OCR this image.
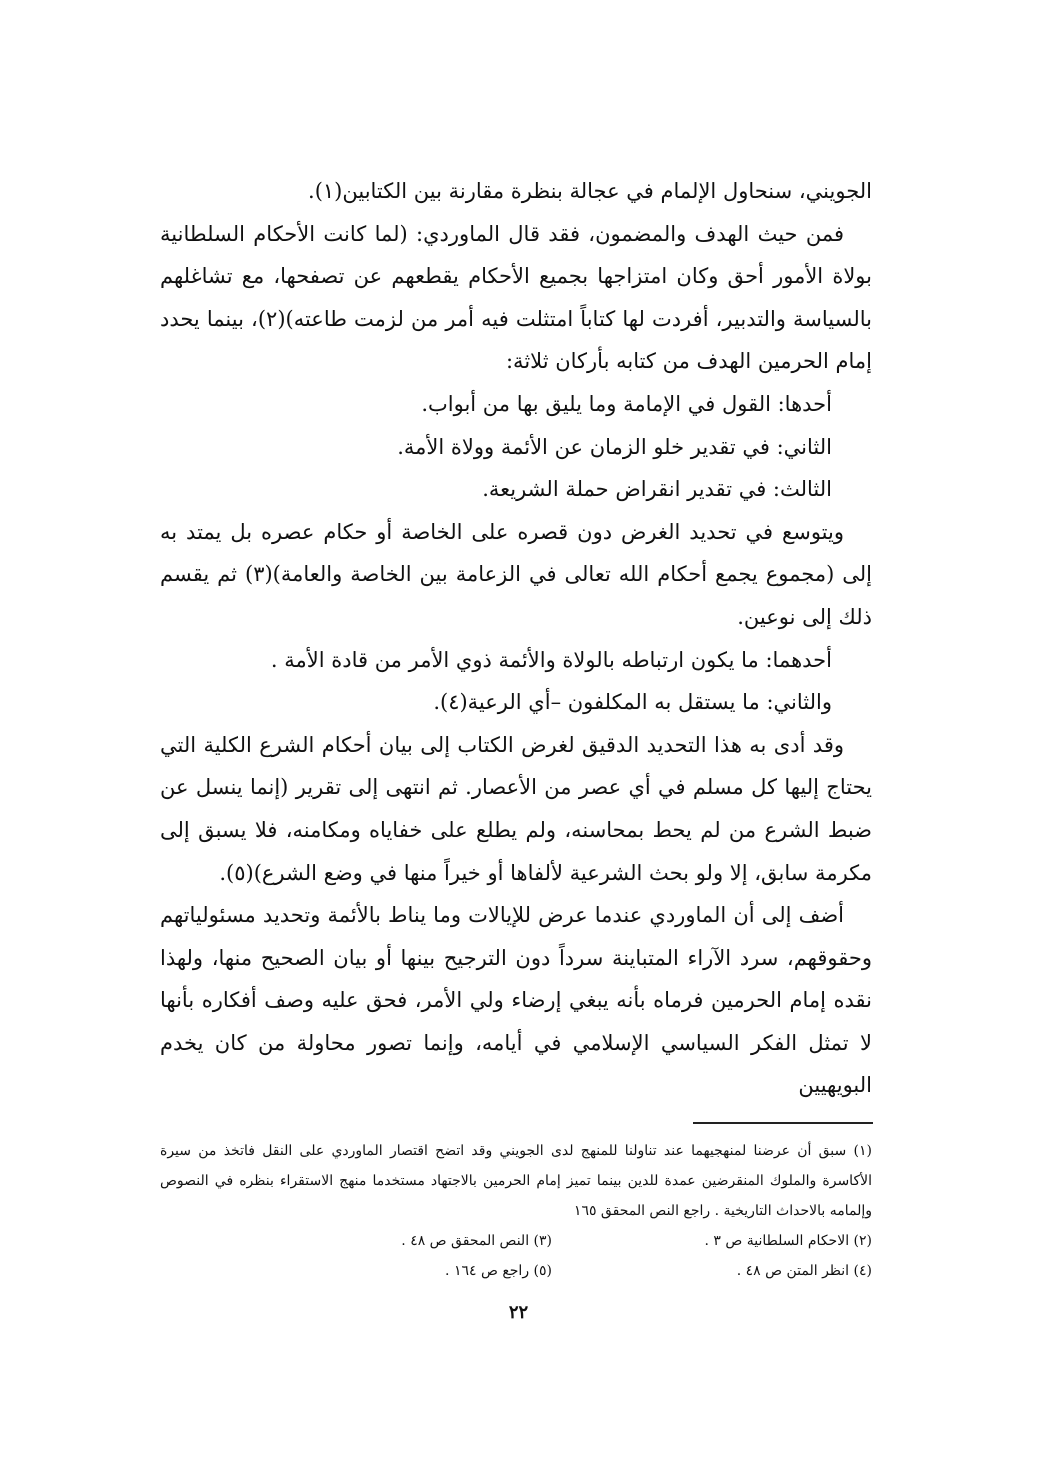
الجويني، سنحاول الإلمام في عجالة بنظرة مقارنة بين الكتابين(١).

فمن حيث الهدف والمضمون، فقد قال الماوردي: (لما كانت الأحكام السلطانية بولاة الأمور أحق وكان امتزاجها بجميع الأحكام يقطعهم عن تصفحها، مع تشاغلهم بالسياسة والتدبير، أفردت لها كتاباً امتثلت فيه أمر من لزمت طاعته)(٢)، بينما يحدد إمام الحرمين الهدف من كتابه بأركان ثلاثة:

أحدها: القول في الإمامة وما يليق بها من أبواب.

الثاني: في تقدير خلو الزمان عن الأئمة وولاة الأمة.

الثالث: في تقدير انقراض حملة الشريعة.

ويتوسع في تحديد الغرض دون قصره على الخاصة أو حكام عصره بل يمتد به إلى (مجموع يجمع أحكام الله تعالى في الزعامة بين الخاصة والعامة)(٣) ثم يقسم ذلك إلى نوعين.

أحدهما: ما يكون ارتباطه بالولاة والأئمة ذوي الأمر من قادة الأمة .

والثاني: ما يستقل به المكلفون –أي الرعية(٤).

وقد أدى به هذا التحديد الدقيق لغرض الكتاب إلى بيان أحكام الشرع الكلية التي يحتاج إليها كل مسلم في أي عصر من الأعصار. ثم انتهى إلى تقرير (إنما ينسل عن ضبط الشرع من لم يحط بمحاسنه، ولم يطلع على خفاياه ومكامنه، فلا يسبق إلى مكرمة سابق، إلا ولو بحث الشرعية لألفاها أو خيراً منها في وضع الشرع)(٥).

أضف إلى أن الماوردي عندما عرض للإيالات وما يناط بالأئمة وتحديد مسئولياتهم وحقوقهم، سرد الآراء المتباينة سرداً دون الترجيح بينها أو بيان الصحيح منها، ولهذا نقده إمام الحرمين فرماه بأنه يبغي إرضاء ولي الأمر، فحق عليه وصف أفكاره بأنها لا تمثل الفكر السياسي الإسلامي في أيامه، وإنما تصور محاولة من كان يخدم البويهيين

(١) سبق أن عرضنا لمنهجيهما عند تناولنا للمنهج لدى الجويني وقد اتضح اقتصار الماوردي على النقل فاتخذ من سيرة الأكاسرة والملوك المنقرضين عمدة للدين بينما تميز إمام الحرمين بالاجتهاد مستخدما منهج الاستقراء بنظره في النصوص وإلمامه بالاحداث التاريخية . راجع النص المحقق ١٦٥

(٢) الاحكام السلطانية ص ٣ .
(٣) النص المحقق ص ٤٨ .
(٤) انظر المتن ص ٤٨ .
(٥) راجع ص ١٦٤ .
٢٢
